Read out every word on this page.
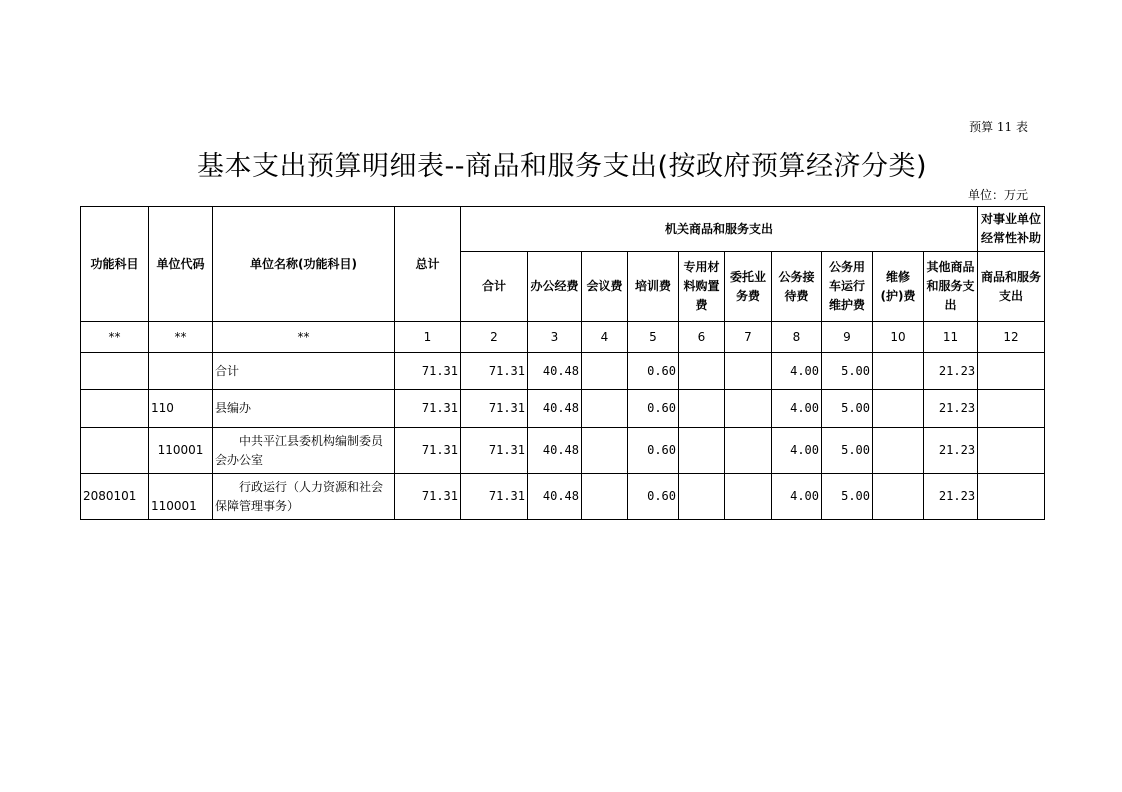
预算 11 表
基本支出预算明细表--商品和服务支出(按政府预算经济分类)
单位：万元
功能科目	单位代码	单位名称(功能科目)	总计	机关商品和服务支出										对事业单位经常性补助
				合计	办公经费	会议费	培训费	专用材料购置费	委托业务费	公务接待费	公务用车运行维护费	维修(护)费	其他商品和服务支出	商品和服务支出
**	**	**	1	2	3	4	5	6	7	8	9	10	11	12
		合计	71.31	71.31	40.48		0.60			4.00	5.00		21.23	
	110	县编办	71.31	71.31	40.48		0.60			4.00	5.00		21.23	
	110001	中共平江县委机构编制委员会办公室	71.31	71.31	40.48		0.60			4.00	5.00		21.23	
2080101	110001	行政运行（人力资源和社会保障管理事务）	71.31	71.31	40.48		0.60			4.00	5.00		21.23	
